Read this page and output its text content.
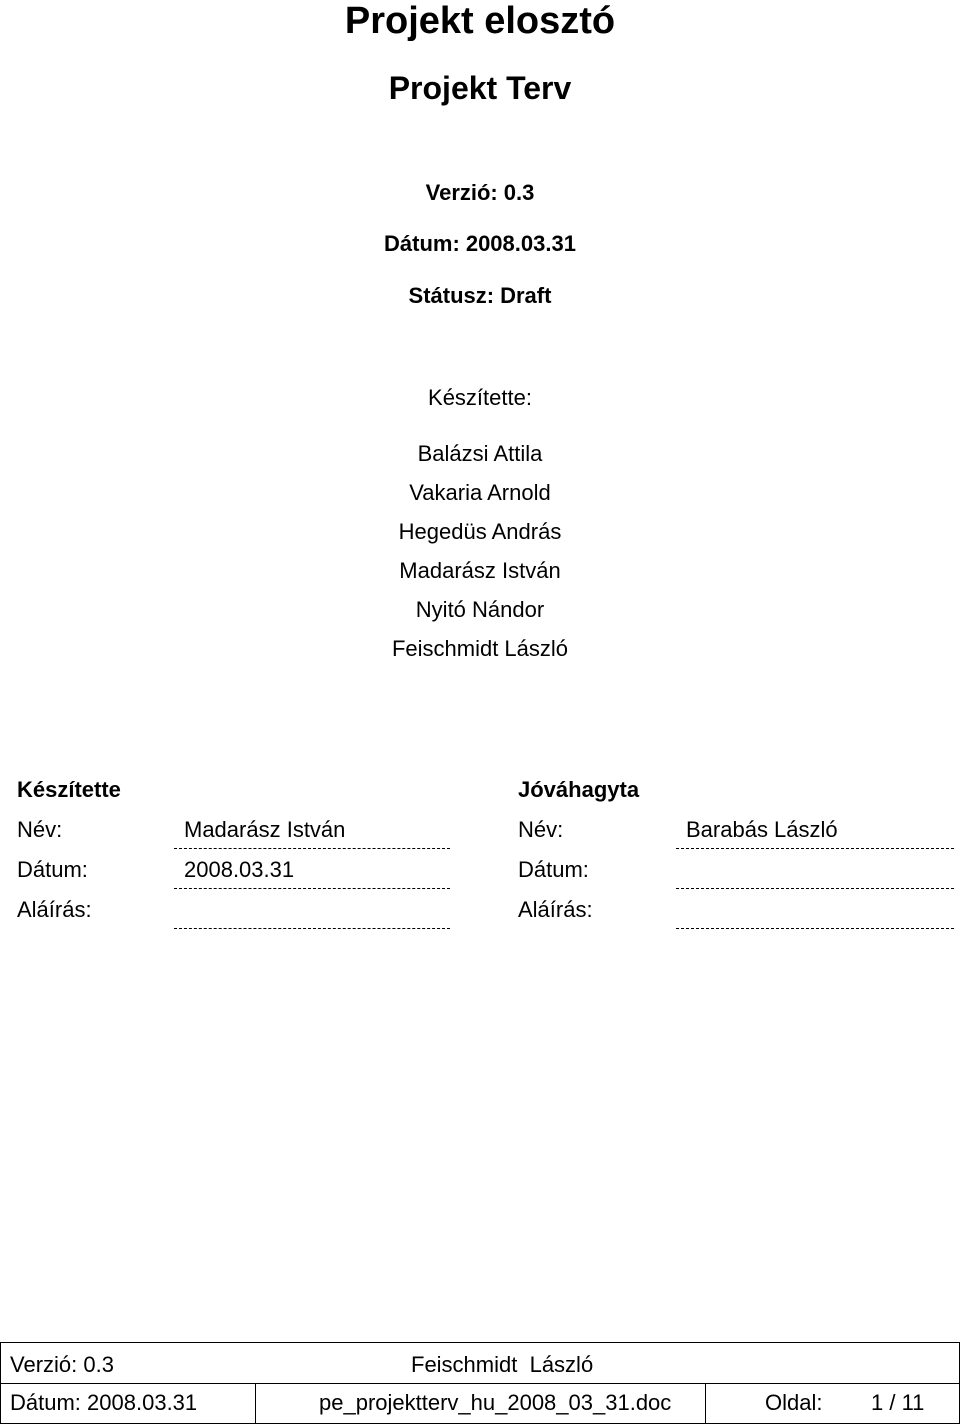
Projekt elosztó
Projekt Terv
Verzió: 0.3
Dátum: 2008.03.31
Státusz: Draft
Készítette:
Balázsi Attila
Vakaria Arnold
Hegedüs András
Madarász István
Nyitó Nándor
Feischmidt László
Készítette
Név:	Madarász István
Dátum:	2008.03.31
Aláírás:
Jóváhagyta
Név:	Barabás László
Dátum:
Aláírás:
Verzió: 0.3	Feischmidt  László
Dátum: 2008.03.31	pe_projektterv_hu_2008_03_31.doc	Oldal: 1 / 11
